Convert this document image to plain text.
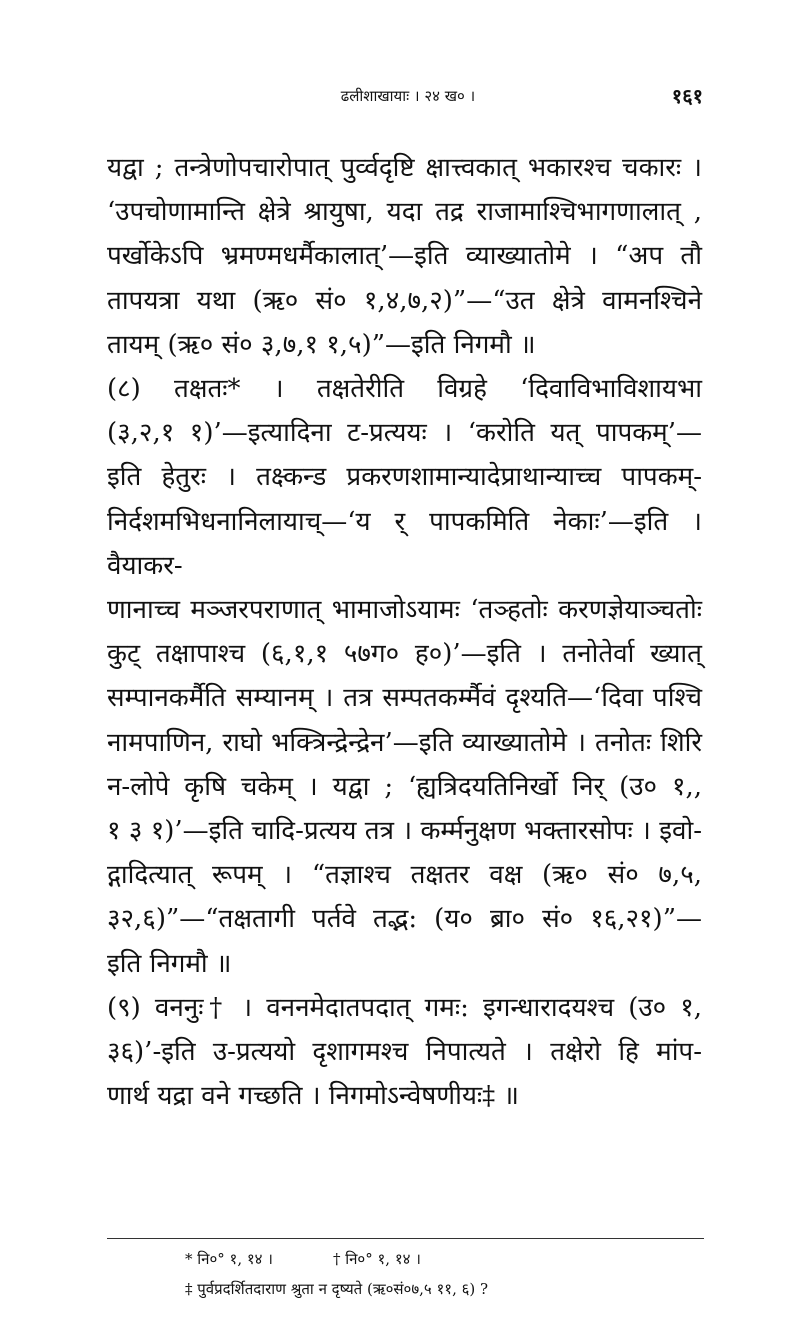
ढलीशाखायाः । २४ ख० ।	१६१

यद्वा ; तन्त्रेणोपचारोपात् पुर्व्वदृष्टि क्षात्त्वकात् भकारश्च चकारः ।

‘उपचोणामान्ति क्षेत्रे श्रायुषा, यदा तद्र राजामाश्चिभागणालात् ,

पर्खोकेऽपि भ्रमण्मधर्मैकालात्’—इति व्याख्यातोमे । “अप तौ

तापयत्रा यथा (ऋ० सं० १,४,७,२)”—“उत क्षेत्रे वामनश्चिने

तायम् (ऋ० सं० ३,७,१ १,५)”—इति निगमौ ॥

(८) तक्षतः* । तक्षतेरीति विग्रहे ‘दिवाविभाविशायभा

(३,२,१ १)’—इत्यादिना ट-प्रत्ययः । ‘करोति यत् पापकम्’—

इति हेतुरः । तक्ष्कन्ड प्रकरणशामान्यादेप्राथान्याच्च पापकम्-

निर्दशमभिधनानिलायाच्—‘य र् पापकमिति नेकाः’—इति । वैयाकर-

णानाच्च मञ्जरपराणात् भामाजोऽयामः ‘तञ्हतोः करणज्ञेयाञ्चतोः

कुट् तक्षापाश्च (६,१,१ ५७ग० ह०)’—इति । तनोतेर्वा ख्यात्

सम्पानकर्मैति सम्यानम् । तत्र सम्पतकर्म्मैवं दृश्यति—‘दिवा पश्चि

नामपाणिन, राघो भक्त्रिन्द्रेन्द्रेन’—इति व्याख्यातोमे । तनोतः शिरि

न-लोपे कृषि चकेम् । यद्वा ; ‘ह्यत्रिदयतिनिर्खो निर् (उ० १,,

१ ३ १)’—इति चादि-प्रत्यय तत्र । कर्म्मनुक्षण भक्तारसोपः । इवो-

द्गादित्यात् रूपम् । “तज्ञाश्च तक्षतर वक्ष (ऋ० सं० ७,५,

३२,६)”—“तक्षतागी पर्तवे तद्भ: (य० ब्रा० सं० १६,२१)”—

इति निगमौ ॥

(९) वननुः† । वननमेदातपदात् गमः: इगन्धारादयश्च (उ० १,

३६)’-इति उ-प्रत्ययो दृशागमश्च निपात्यते । तक्षेरो हि मांप-

णार्थ यद्रा वने गच्छति । निगमोऽन्वेषणीयः‡ ॥

* नि०° १, १४ ।	† नि०° १, १४ ।

‡ पुर्वप्रदर्शितदाराण श्रुता न दृष्यते (ऋ०सं०७,५ ११, ६) ?
